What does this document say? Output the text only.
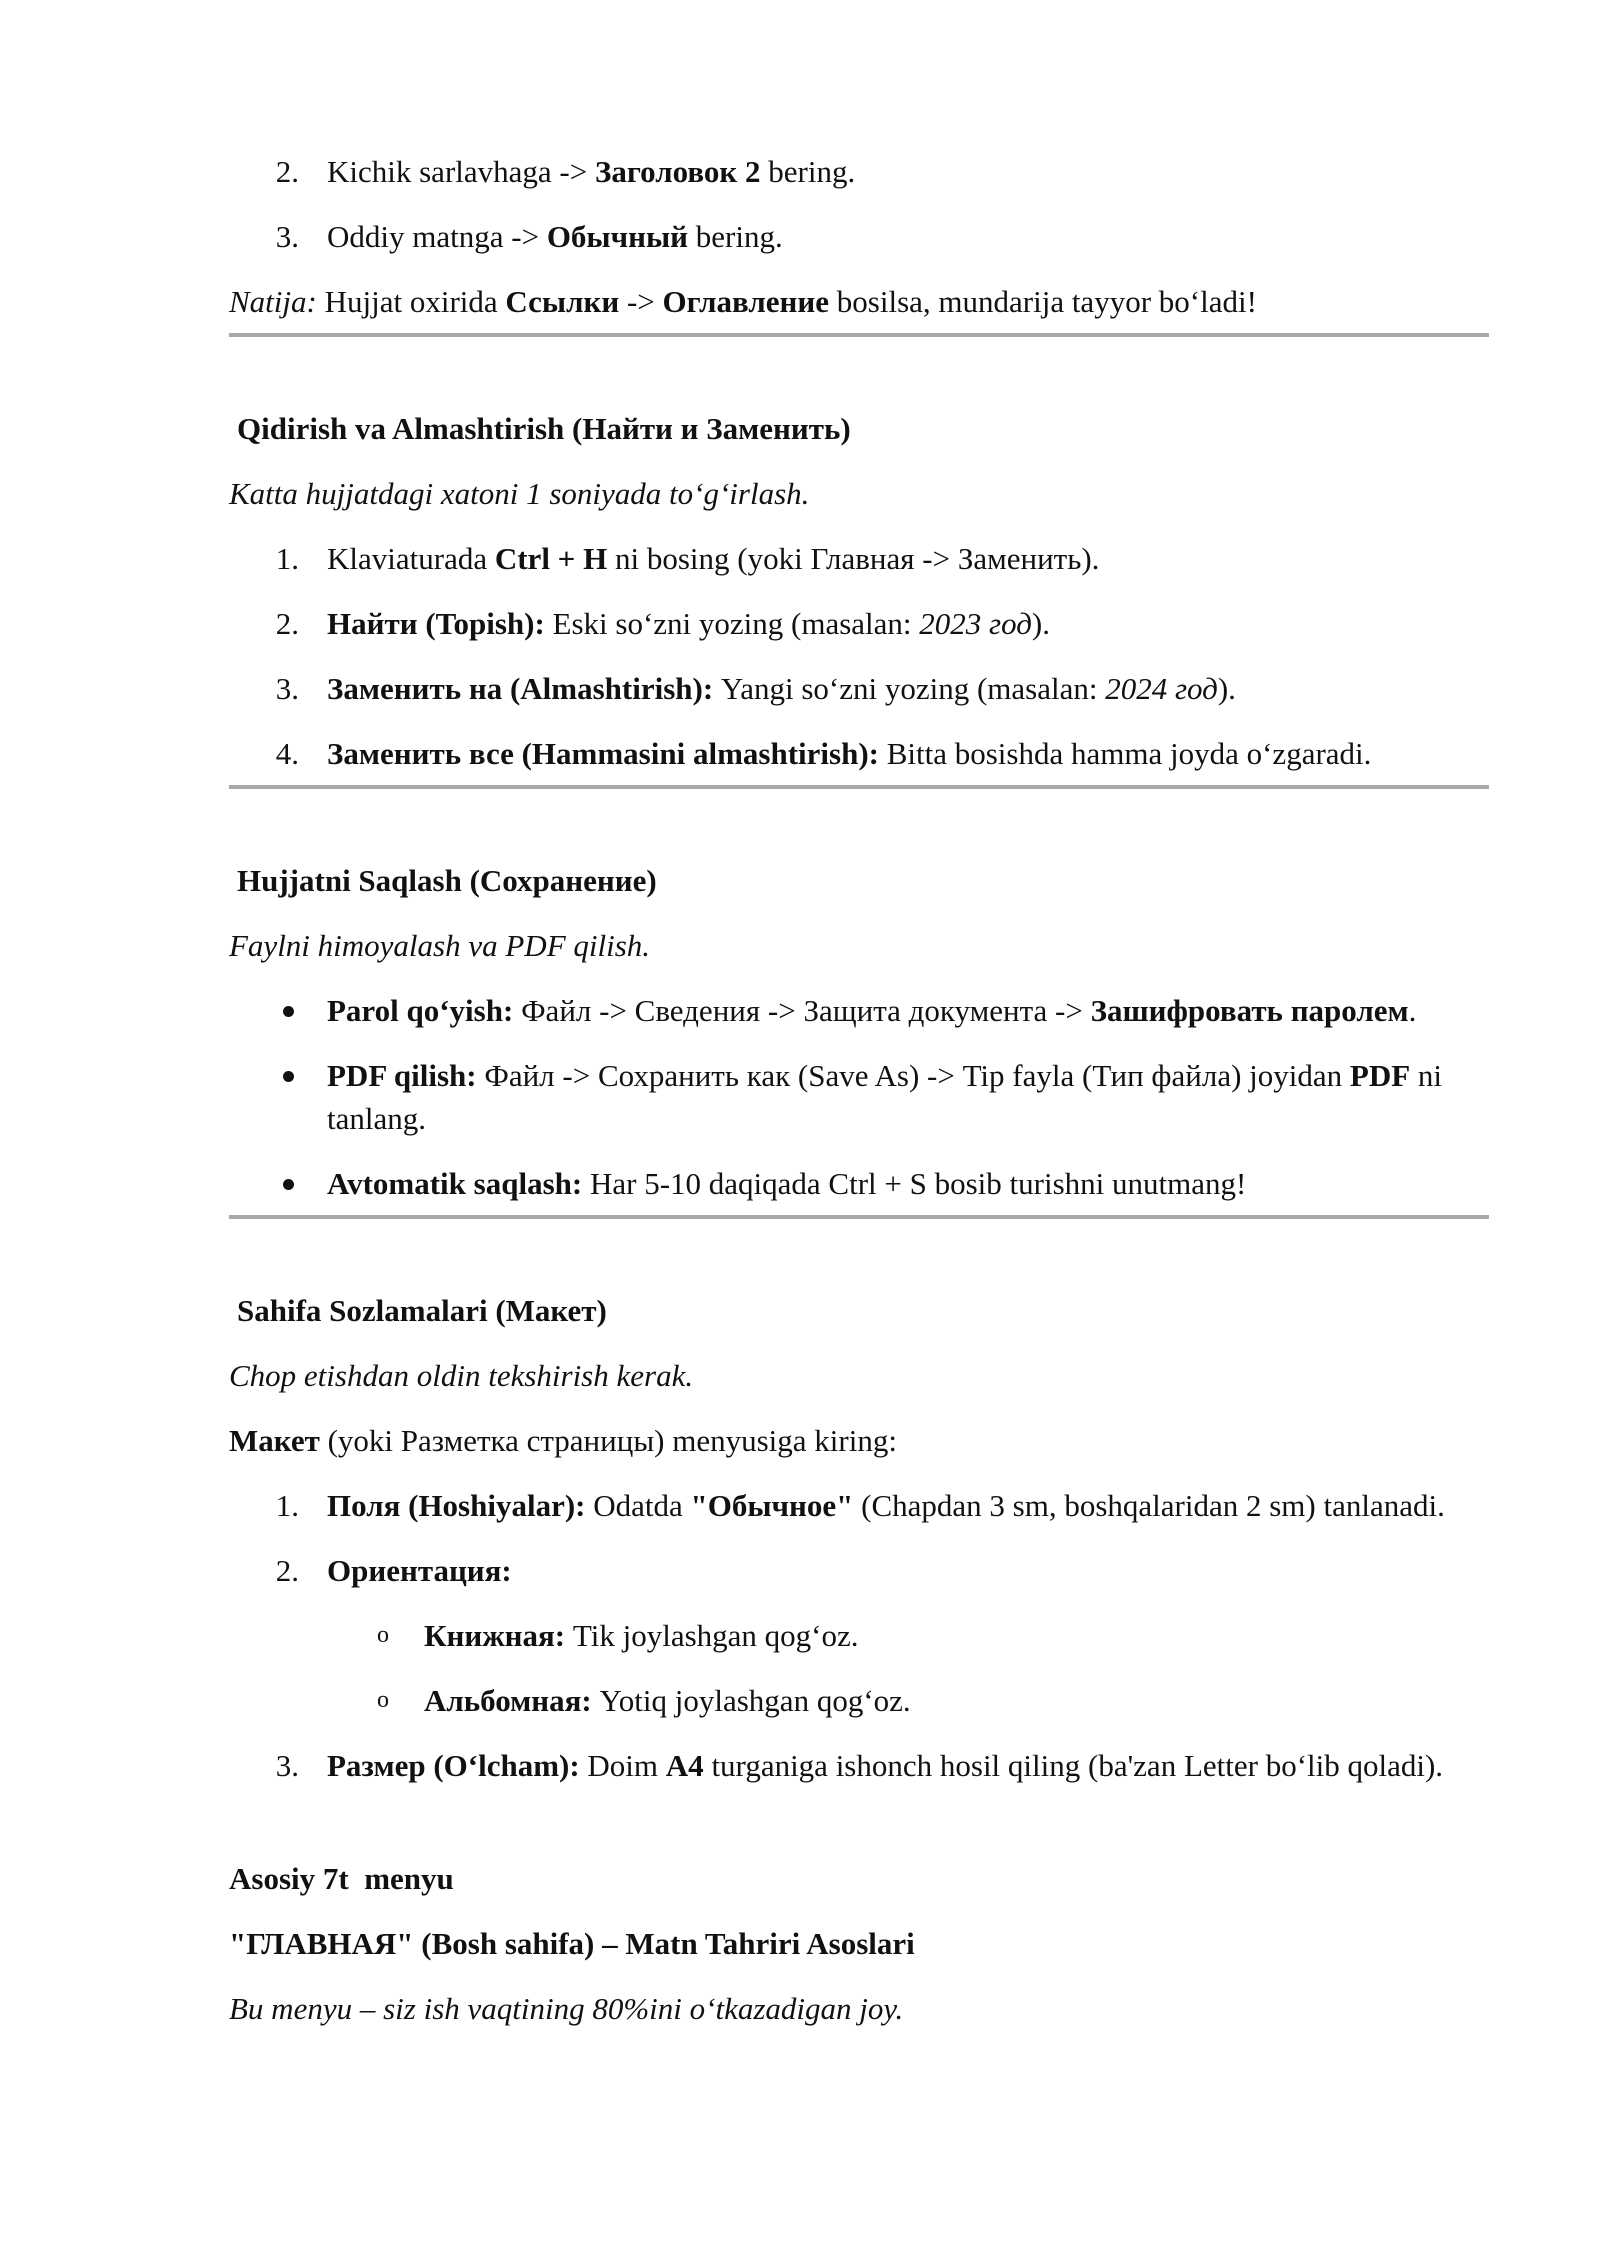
2. Kichik sarlavhaga -> Заголовок 2 bering.
3. Oddiy matnga -> Обычный bering.

Natija: Hujjat oxirida Ссылки -> Оглавление bosilsa, mundarija tayyor bo‘ladi!

Qidirish va Almashtirish (Найти и Заменить)

Katta hujjatdagi xatoni 1 soniyada to‘g‘irlash.

1. Klaviaturada Ctrl + H ni bosing (yoki Главная -> Заменить).
2. Найти (Topish): Eski so‘zni yozing (masalan: 2023 год).
3. Заменить на (Almashtirish): Yangi so‘zni yozing (masalan: 2024 год).
4. Заменить все (Hammasini almashtirish): Bitta bosishda hamma joyda o‘zgaradi.

Hujjatni Saqlash (Сохранение)

Faylni himoyalash va PDF qilish.

Parol qo‘yish: Файл -> Сведения -> Защита документа -> Зашифровать паролем.
PDF qilish: Файл -> Сохранить как (Save As) -> Tip fayla (Тип файла) joyidan PDF ni tanlang.
Avtomatik saqlash: Har 5-10 daqiqada Ctrl + S bosib turishni unutmang!

Sahifa Sozlamalari (Макет)

Chop etishdan oldin tekshirish kerak.

Макет (yoki Разметка страницы) menyusiga kiring:

1. Поля (Hoshiyalar): Odatda "Обычное" (Chapdan 3 sm, boshqalaridan 2 sm) tanlanadi.
2. Ориентация:
o Книжная: Tik joylashgan qog‘oz.
o Альбомная: Yotiq joylashgan qog‘oz.
3. Размер (O‘lcham): Doim A4 turganiga ishonch hosil qiling (ba'zan Letter bo‘lib qoladi).

Asosiy 7t  menyu

"ГЛАВНАЯ" (Bosh sahifa) – Matn Tahriri Asoslari

Bu menyu – siz ish vaqtining 80%ini o‘tkazadigan joy.
